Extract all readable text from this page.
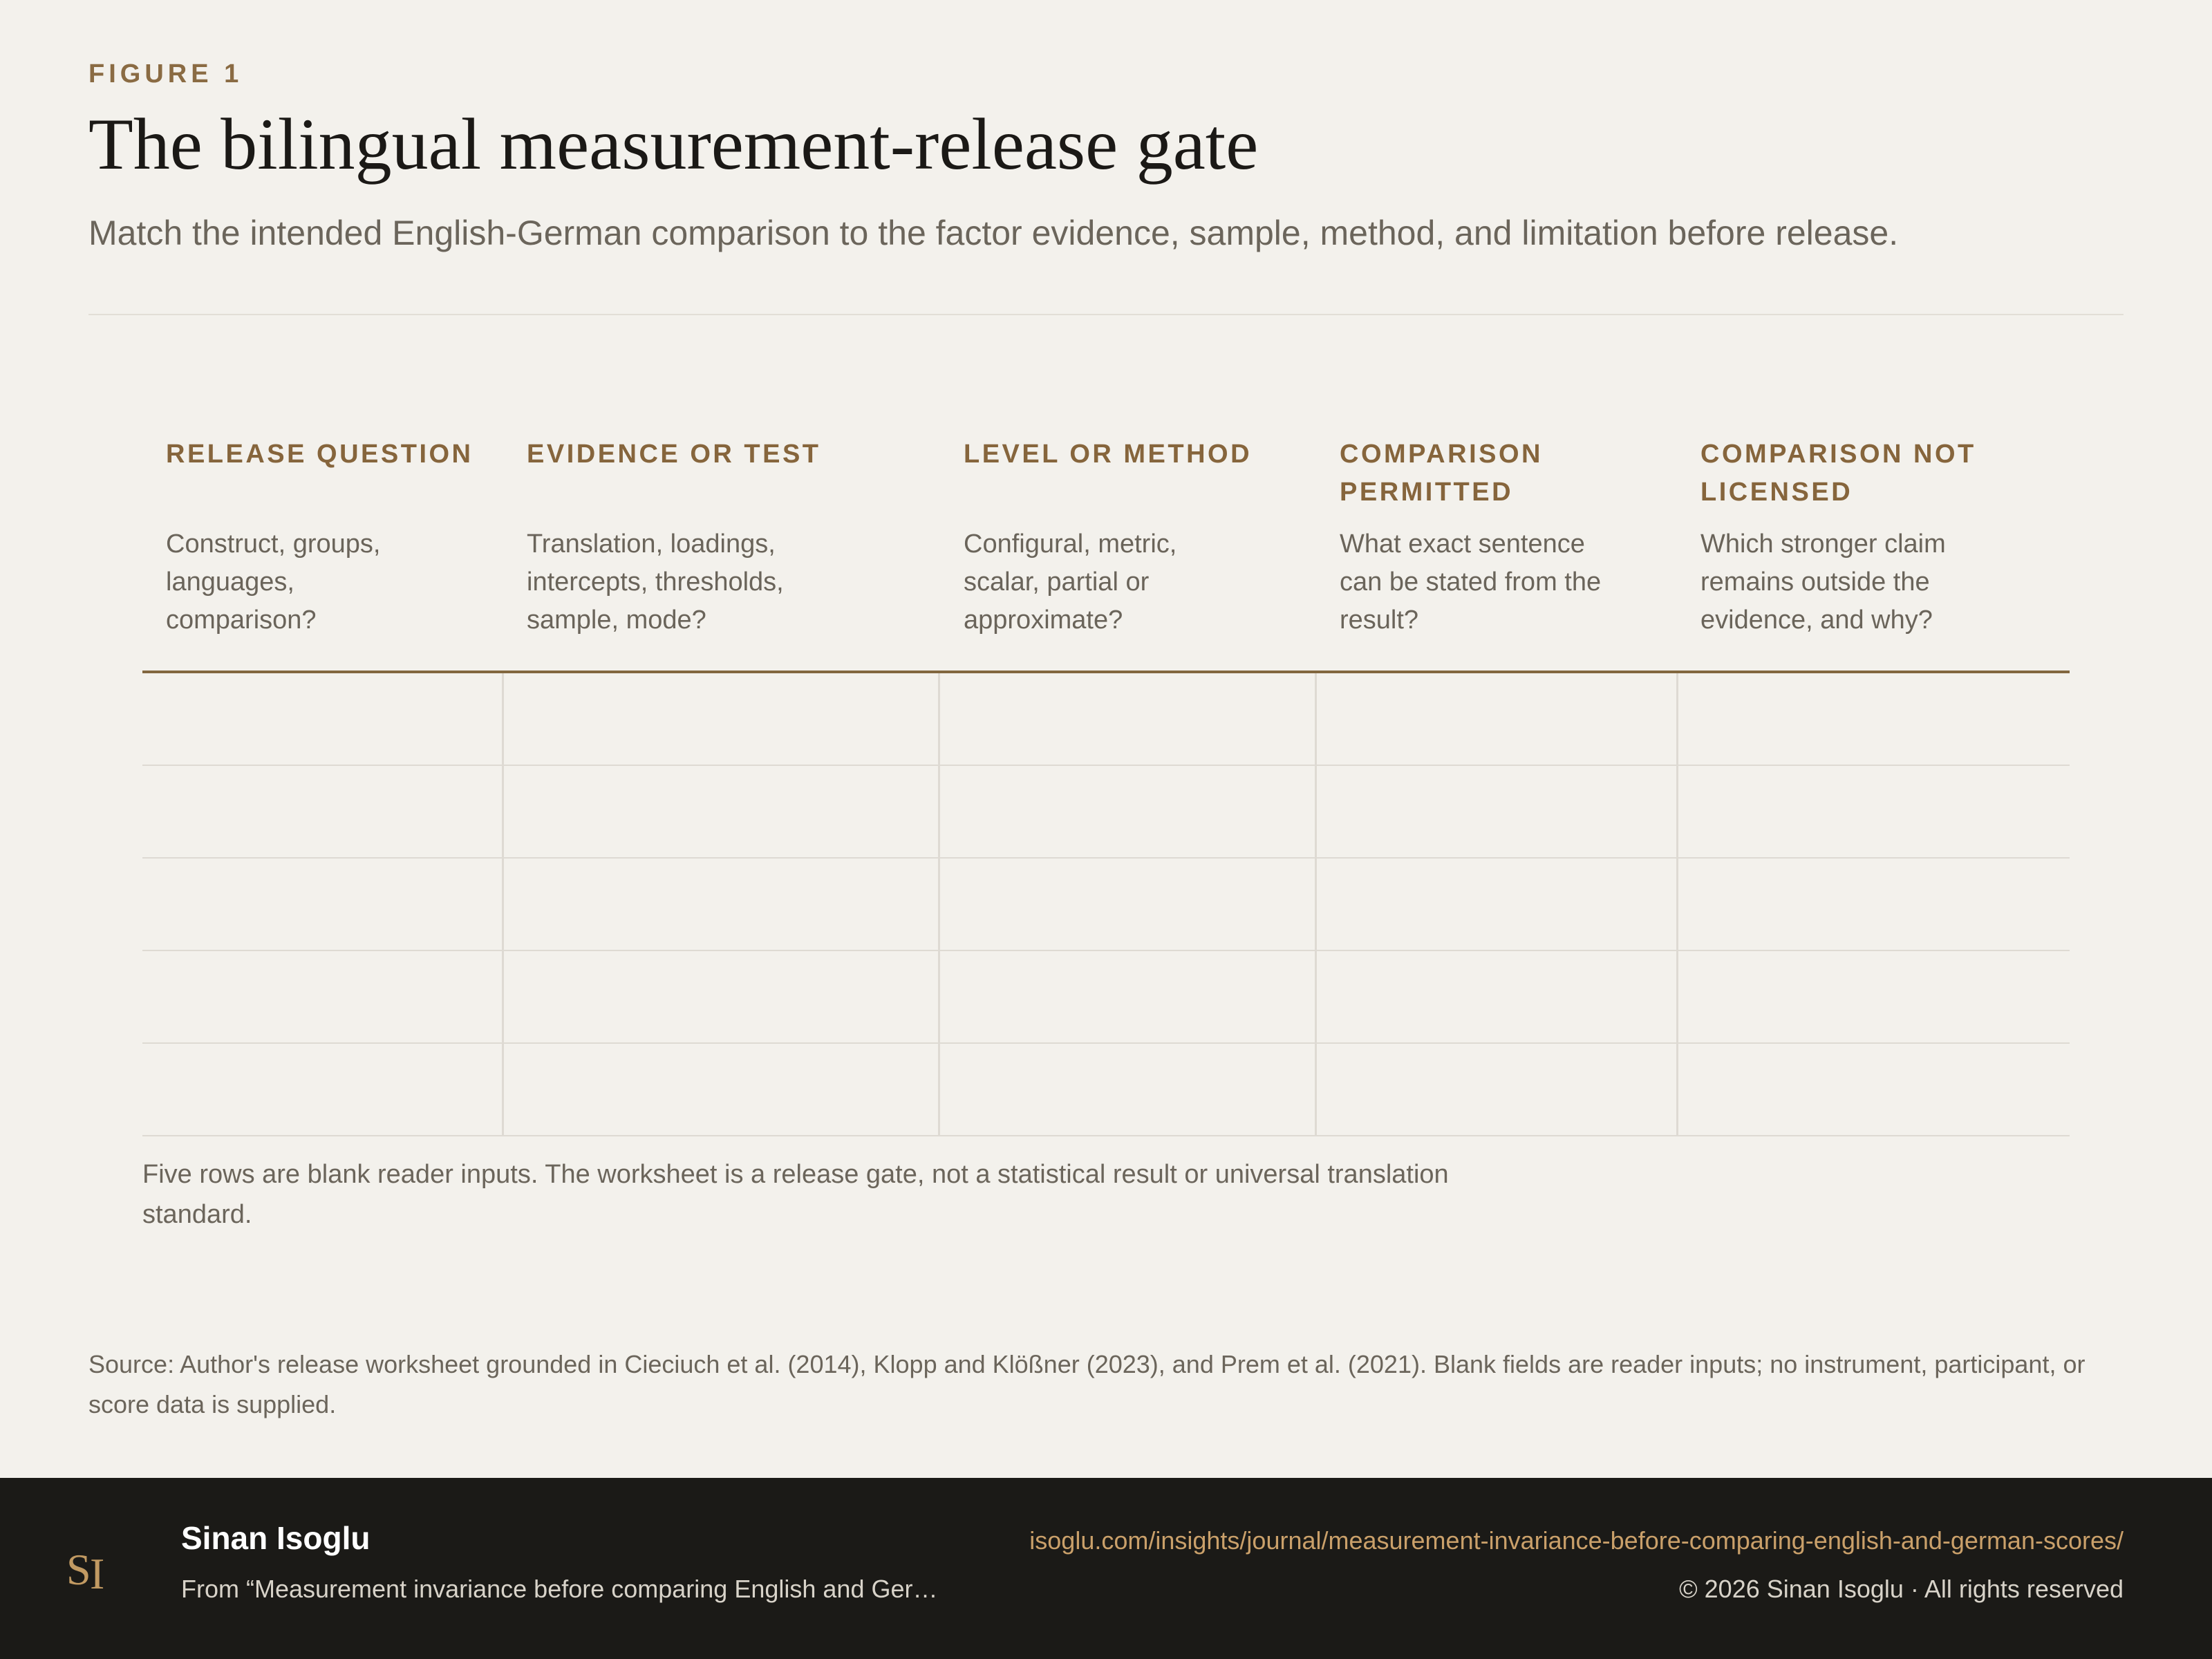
FIGURE 1
The bilingual measurement-release gate
Match the intended English-German comparison to the factor evidence, sample, method, and limitation before release.
RELEASE QUESTION
Construct, groups, languages, comparison?
EVIDENCE OR TEST
Translation, loadings, intercepts, thresholds, sample, mode?
LEVEL OR METHOD
Configural, metric, scalar, partial or approximate?
COMPARISON PERMITTED
What exact sentence can be stated from the result?
COMPARISON NOT LICENSED
Which stronger claim remains outside the evidence, and why?
Five rows are blank reader inputs. The worksheet is a release gate, not a statistical result or universal translation standard.
Source: Author's release worksheet grounded in Cieciuch et al. (2014), Klopp and Klößner (2023), and Prem et al. (2021). Blank fields are reader inputs; no instrument, participant, or score data is supplied.
S
I
Sinan Isoglu
From “Measurement invariance before comparing English and Ger…
isoglu.com/insights/journal/measurement-invariance-before-comparing-english-and-german-scores/
© 2026 Sinan Isoglu · All rights reserved
